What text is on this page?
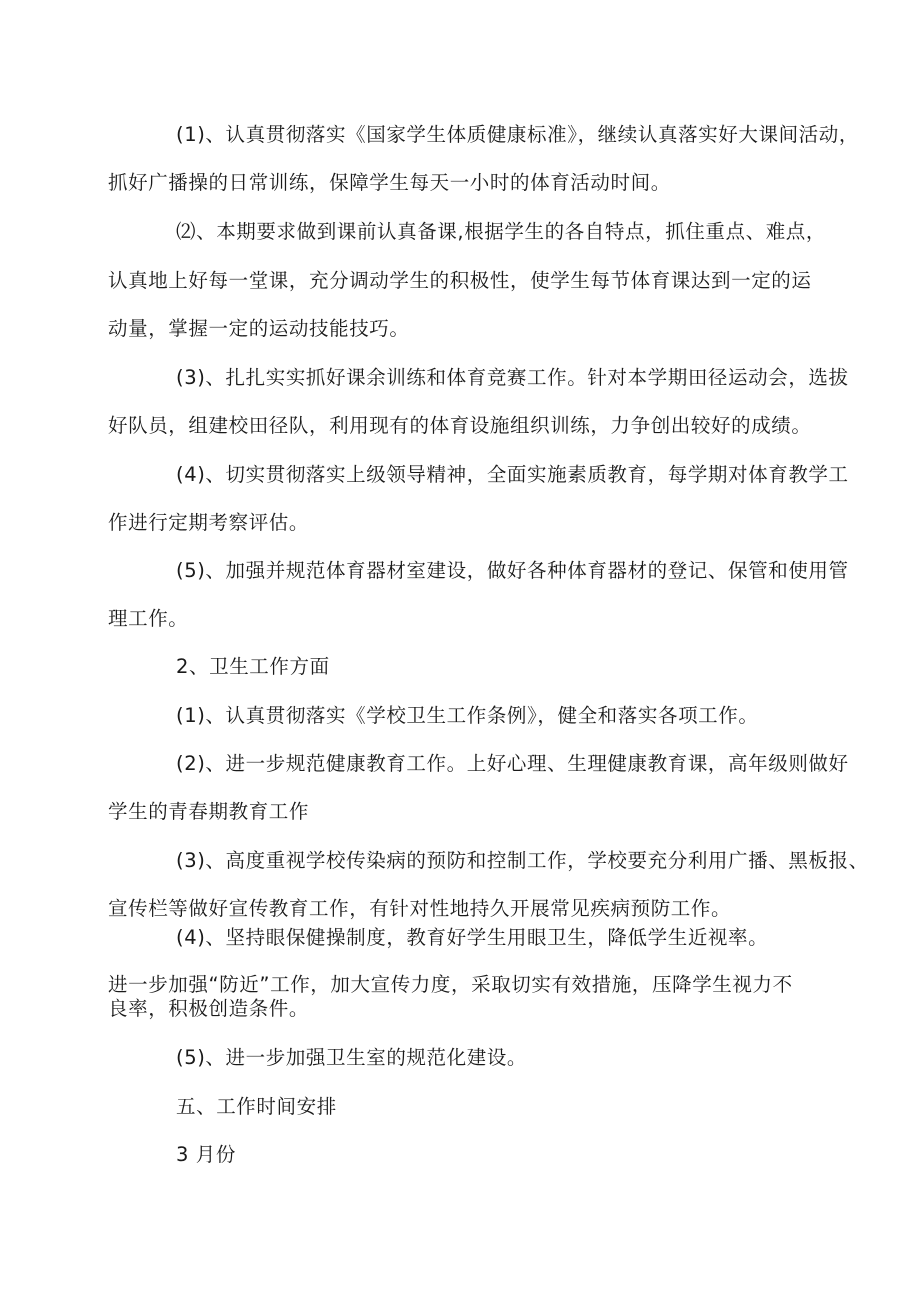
(1)、认真贯彻落实《国家学生体质健康标准》，继续认真落实好大课间活动，
抓好广播操的日常训练，保障学生每天一小时的体育活动时间。
⑵、本期要求做到课前认真备课,根据学生的各自特点，抓住重点、难点，
认真地上好每一堂课，充分调动学生的积极性，使学生每节体育课达到一定的运
动量，掌握一定的运动技能技巧。
(3)、扎扎实实抓好课余训练和体育竞赛工作。针对本学期田径运动会，选拔
好队员，组建校田径队，利用现有的体育设施组织训练，力争创出较好的成绩。
(4)、切实贯彻落实上级领导精神，全面实施素质教育，每学期对体育教学工
作进行定期考察评估。
(5)、加强并规范体育器材室建设，做好各种体育器材的登记、保管和使用管
理工作。
2、卫生工作方面
(1)、认真贯彻落实《学校卫生工作条例》，健全和落实各项工作。
(2)、进一步规范健康教育工作。上好心理、生理健康教育课，高年级则做好
学生的青春期教育工作
(3)、高度重视学校传染病的预防和控制工作，学校要充分利用广播、黑板报、
宣传栏等做好宣传教育工作，有针对性地持久开展常见疾病预防工作。
(4)、坚持眼保健操制度，教育好学生用眼卫生，降低学生近视率。
进一步加强“防近”工作，加大宣传力度，采取切实有效措施，压降学生视力不
良率，积极创造条件。
(5)、进一步加强卫生室的规范化建设。
五、工作时间安排
3 月份
